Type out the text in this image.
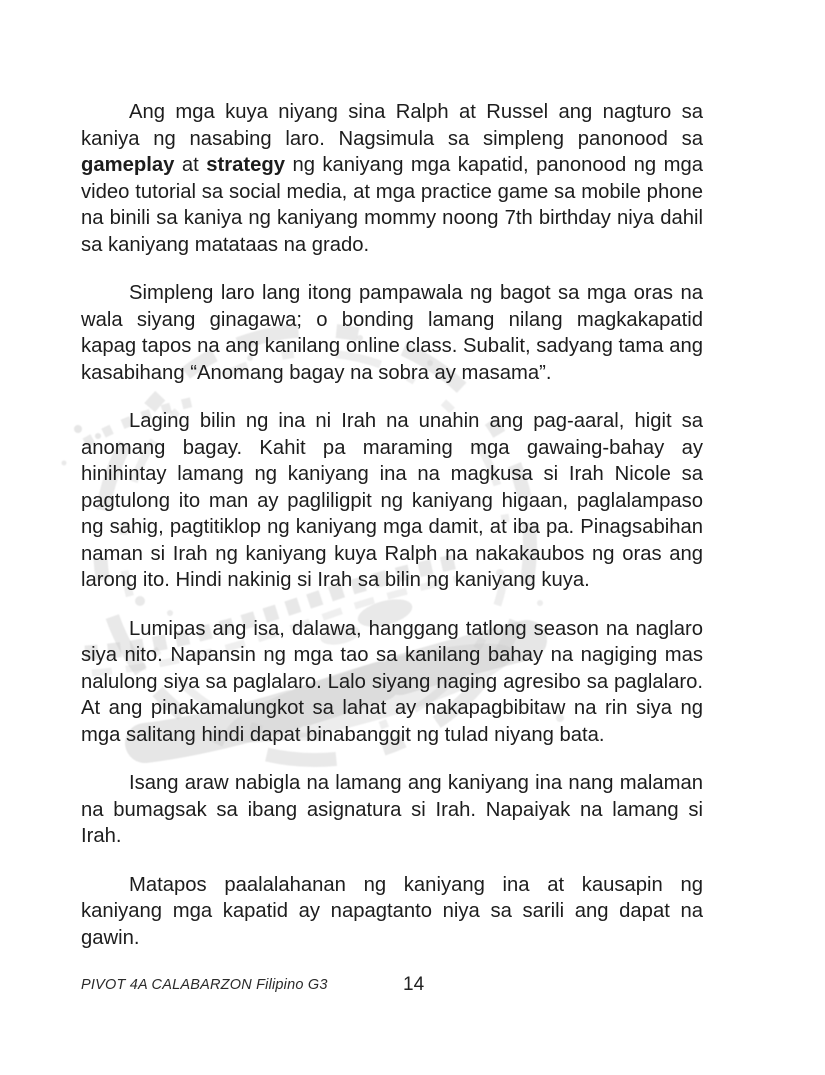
Ang mga kuya niyang sina Ralph at Russel ang nagturo sa kaniya ng nasabing laro. Nagsimula sa simpleng panonood sa gameplay at strategy ng kaniyang mga kapatid, panonood ng mga video tutorial sa social media, at mga practice game sa mobile phone na binili sa kaniya ng kaniyang mommy noong 7th birthday niya dahil sa kaniyang matataas na grado.

Simpleng laro lang itong pampawala ng bagot sa mga oras na wala siyang ginagawa; o bonding lamang nilang magkakapatid kapag tapos na ang kanilang online class. Subalit, sadyang tama ang kasabihang “Anomang bagay na sobra ay masama”.

Laging bilin ng ina ni Irah na unahin ang pag-aaral, higit sa anomang bagay. Kahit pa maraming mga gawaing-bahay ay hinihintay lamang ng kaniyang ina na magkusa si Irah Nicole sa pagtulong ito man ay pagliligpit ng kaniyang higaan, paglalampaso ng sahig, pagtitiklop ng kaniyang mga damit, at iba pa. Pinagsabihan naman si Irah ng kaniyang kuya Ralph na nakakaubos ng oras ang larong ito. Hindi nakinig si Irah sa bilin ng kaniyang kuya.

Lumipas ang isa, dalawa, hanggang tatlong season na naglaro siya nito. Napansin ng mga tao sa kanilang bahay na nagiging mas nalulong siya sa paglalaro. Lalo siyang naging agresibo sa paglalaro. At ang pinakamalungkot sa lahat ay nakapagbibitaw na rin siya ng mga salitang hindi dapat binabanggit ng tulad niyang bata.

Isang araw nabigla na lamang ang kaniyang ina nang malaman na bumagsak sa ibang asignatura si Irah. Napaiyak na lamang si Irah.

Matapos paalalahanan ng kaniyang ina at kausapin ng kaniyang mga kapatid ay napagtanto niya sa sarili ang dapat na gawin.

PIVOT 4A CALABARZON Filipino G3	14
